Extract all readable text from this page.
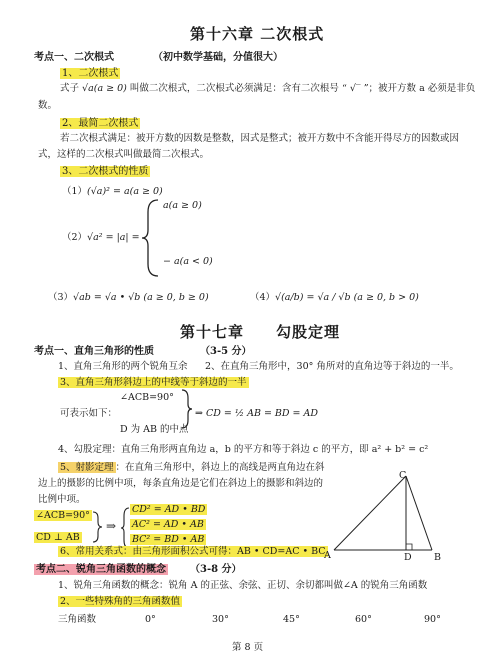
第十六章 二次根式
考点一、二次根式	（初中数学基础，分值很大）
1、二次根式
式子 √a(a ≥ 0) 叫做二次根式，二次根式必须满足：含有二次根号 “ √‾ ”；被开方数 a 必须是非负
数。
2、最简二次根式
若二次根式满足：被开方数的因数是整数，因式是整式；被开方数中不含能开得尽方的因数或因
式，这样的二次根式叫做最简二次根式。
3、二次根式的性质
（1）(√a)² = a(a ≥ 0)
（2）√a² = |a| =
a(a ≥ 0)
− a(a < 0)
（3）√ab = √a • √b (a ≥ 0, b ≥ 0)	（4）√(a/b) = √a / √b (a ≥ 0, b > 0)
第十七章　　勾股定理
考点一、直角三角形的性质	（3-5 分）
1、直角三角形的两个锐角互余 2、在直角三角形中，30° 角所对的直角边等于斜边的一半。
3、直角三角形斜边上的中线等于斜边的一半
∠ACB=90°
可表示如下：	⇒ CD = ½ AB = BD = AD
D 为 AB 的中点
4、勾股定理：直角三角形两直角边 a，b 的平方和等于斜边 c 的平方，即 a² + b² = c²
5、射影定理 ：在直角三角形中，斜边上的高线是两直角边在斜
边上的摄影的比例中项，每条直角边是它们在斜边上的摄影和斜边的
比例中项。
∠ACB=90°
CD ⊥ AB
⇒
CD² = AD • BD
AC² = AD • AB
BC² = BD • AB
6、常用关系式：由三角形面积公式可得：AB • CD=AC • BC
C
A	D B
考点二、锐角三角函数的概念 （3-8 分）
1、锐角三角函数的概念：锐角 A 的正弦、余弦、正切、余切都叫做∠A 的锐角三角函数
2、一些特殊角的三角函数值
三角函数	0°	30°	45°	60°	90°
第 8 页
